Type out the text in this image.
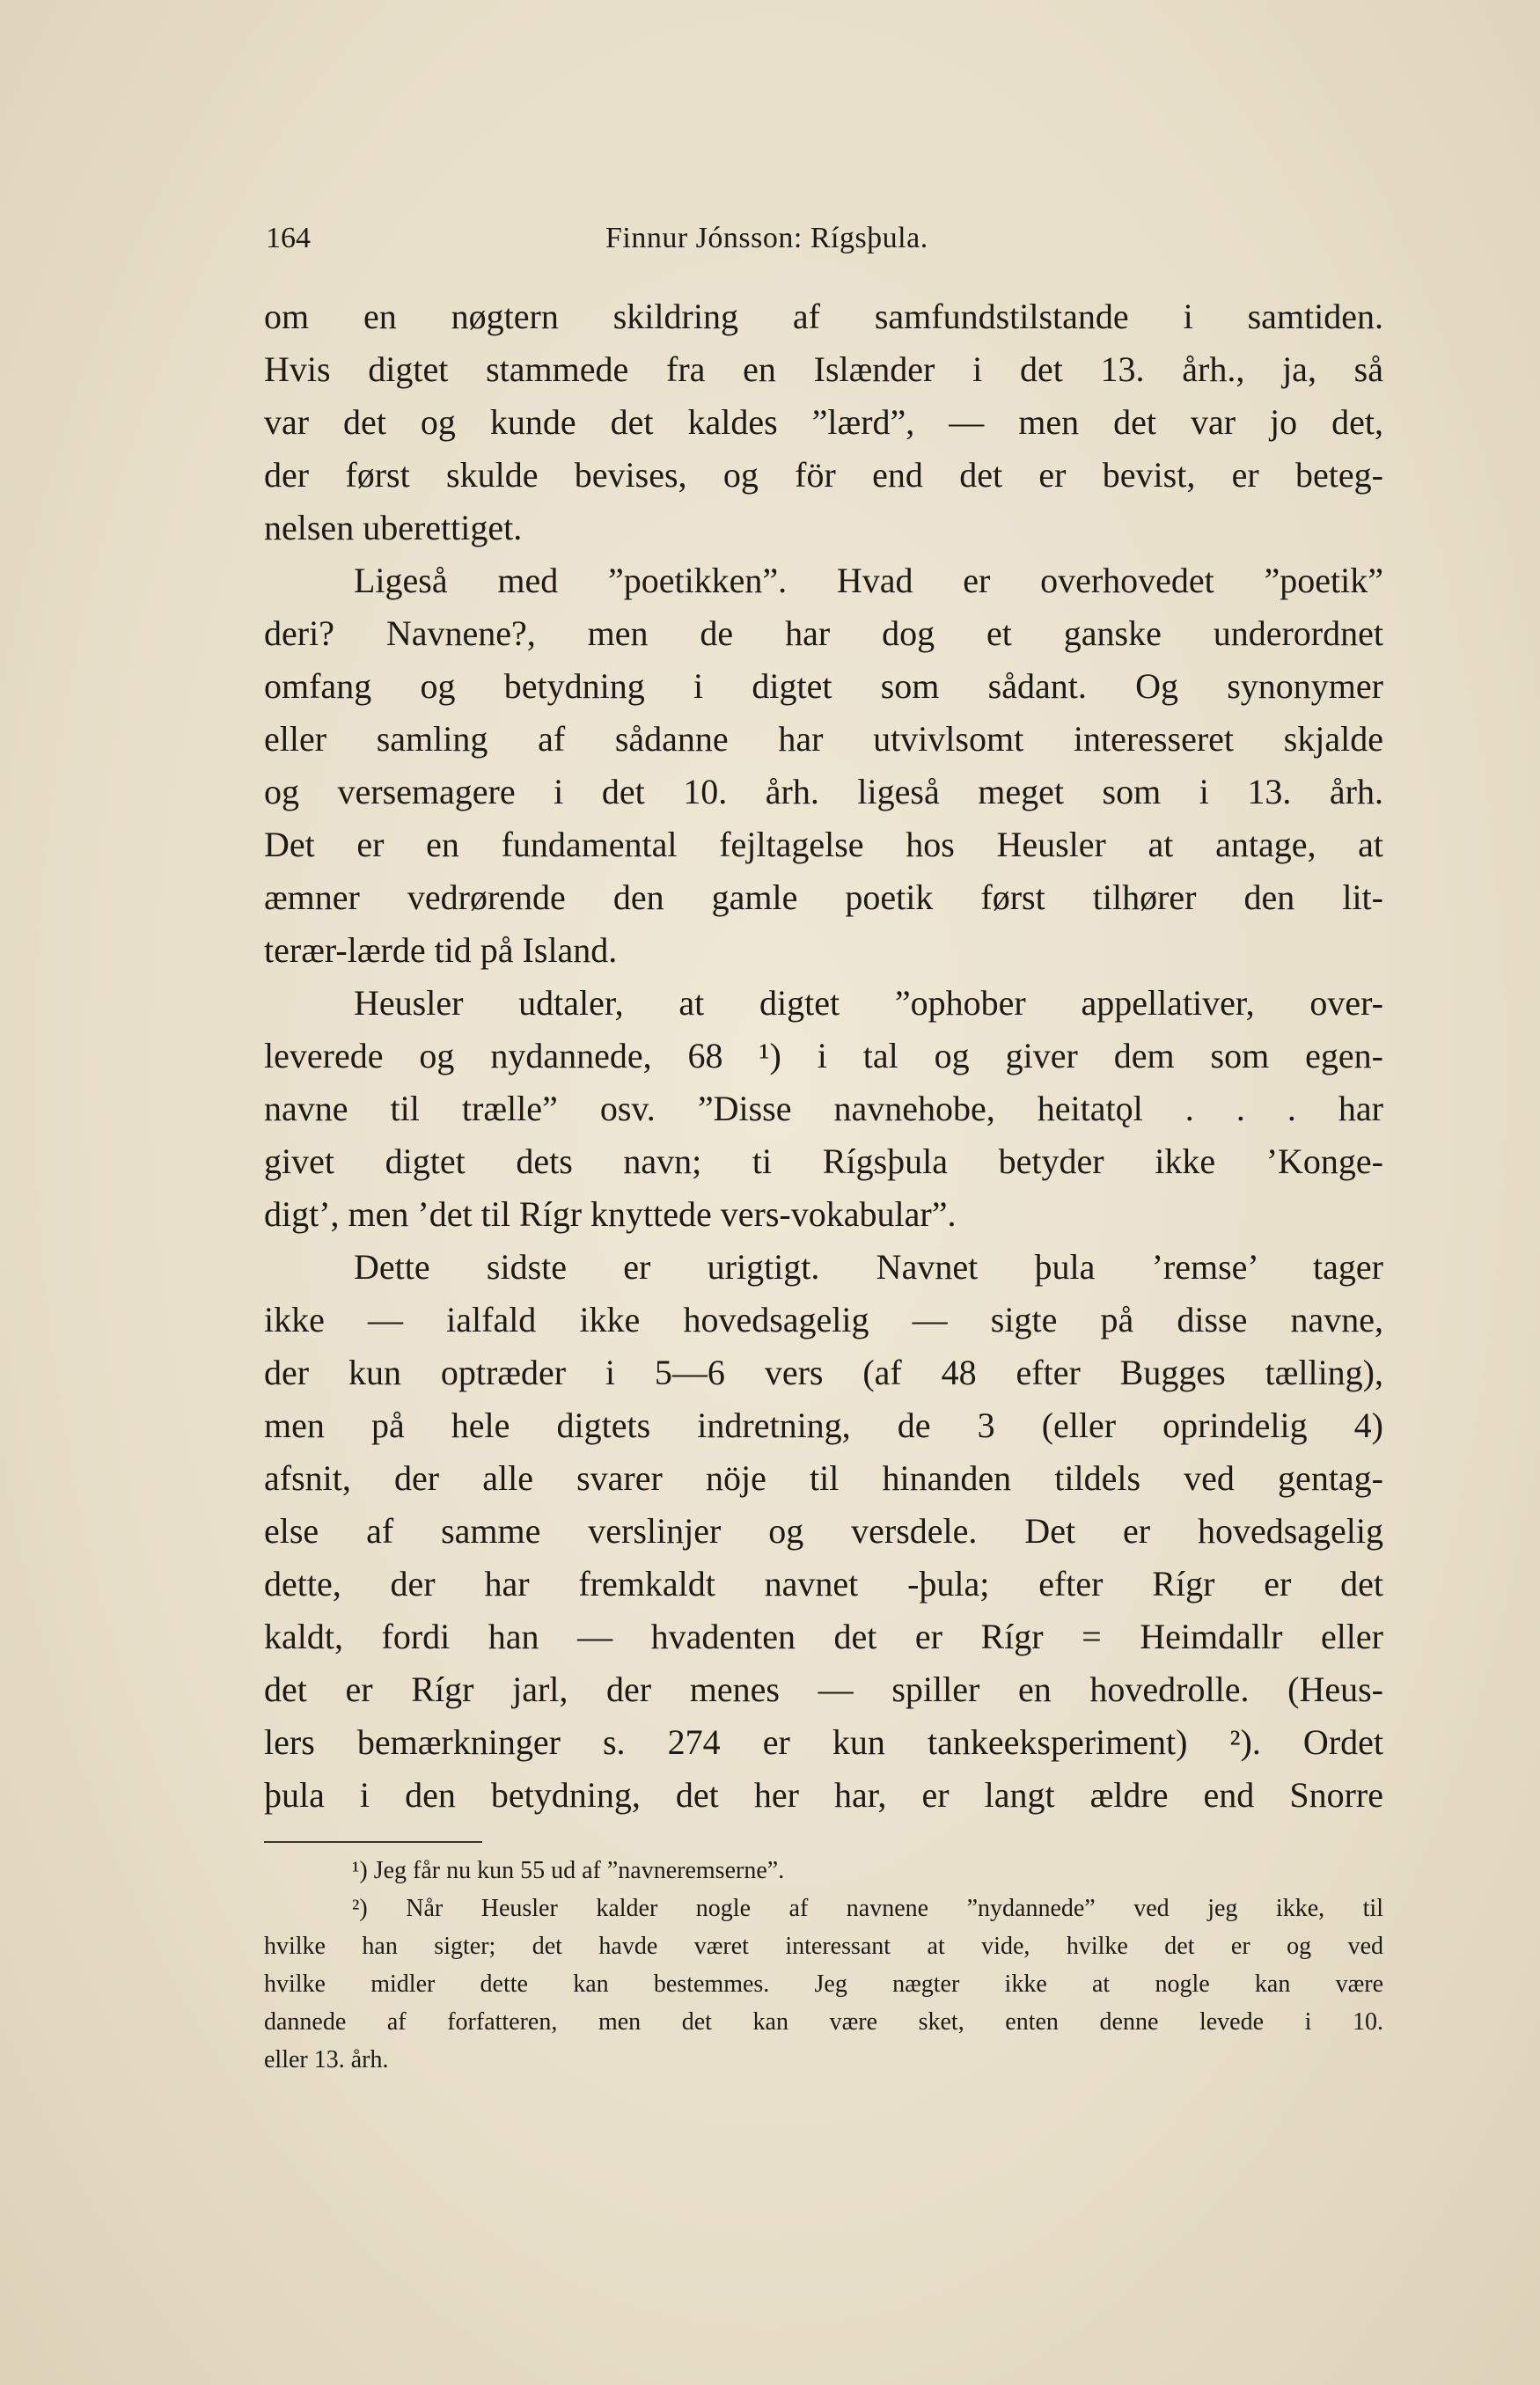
164	Finnur Jónsson: Rígsþula.
om en nøgtern skildring af samfundstilstande i samtiden.
Hvis digtet stammede fra en Islænder i det 13. årh., ja, så
var det og kunde det kaldes ”lærd”, — men det var jo det,
der først skulde bevises, og för end det er bevist, er beteg-
nelsen uberettiget.
Ligeså med ”poetikken”. Hvad er overhovedet ”poetik”
deri? Navnene?, men de har dog et ganske underordnet
omfang og betydning i digtet som sådant. Og synonymer
eller samling af sådanne har utvivlsomt interesseret skjalde
og versemagere i det 10. årh. ligeså meget som i 13. årh.
Det er en fundamental fejltagelse hos Heusler at antage, at
æmner vedrørende den gamle poetik først tilhører den lit-
terær-lærde tid på Island.
Heusler udtaler, at digtet ”ophober appellativer, over-
leverede og nydannede, 68 ¹) i tal og giver dem som egen-
navne til trælle” osv. ”Disse navnehobe, heitatǫl . . . har
givet digtet dets navn; ti Rígsþula betyder ikke ’Konge-
digt’, men ’det til Rígr knyttede vers-vokabular”.
Dette sidste er urigtigt. Navnet þula ’remse’ tager
ikke — ialfald ikke hovedsagelig — sigte på disse navne,
der kun optræder i 5—6 vers (af 48 efter Bugges tælling),
men på hele digtets indretning, de 3 (eller oprindelig 4)
afsnit, der alle svarer nöje til hinanden tildels ved gentag-
else af samme verslinjer og versdele. Det er hovedsagelig
dette, der har fremkaldt navnet -þula; efter Rígr er det
kaldt, fordi han — hvadenten det er Rígr = Heimdallr eller
det er Rígr jarl, der menes — spiller en hovedrolle. (Heus-
lers bemærkninger s. 274 er kun tankeeksperiment) ²). Ordet
þula i den betydning, det her har, er langt ældre end Snorre
¹) Jeg får nu kun 55 ud af ”navneremserne”.
²) Når Heusler kalder nogle af navnene ”nydannede” ved jeg ikke, til
hvilke han sigter; det havde været interessant at vide, hvilke det er og ved
hvilke midler dette kan bestemmes. Jeg nægter ikke at nogle kan være
dannede af forfatteren, men det kan være sket, enten denne levede i 10.
eller 13. årh.
